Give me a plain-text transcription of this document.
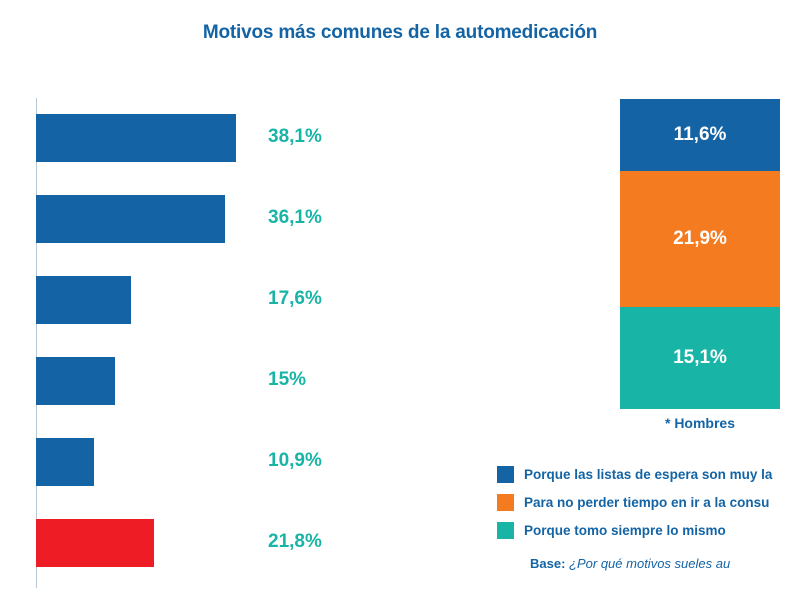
Motivos más comunes de la automedicación
38,1%
36,1%
17,6%
15%
10,9%
21,8%
11,6%
21,9%
15,1%
* Hombres
Porque las listas de espera son muy la
Para no perder tiempo en ir a la consu
Porque tomo siempre lo mismo
Base: ¿Por qué motivos sueles au
